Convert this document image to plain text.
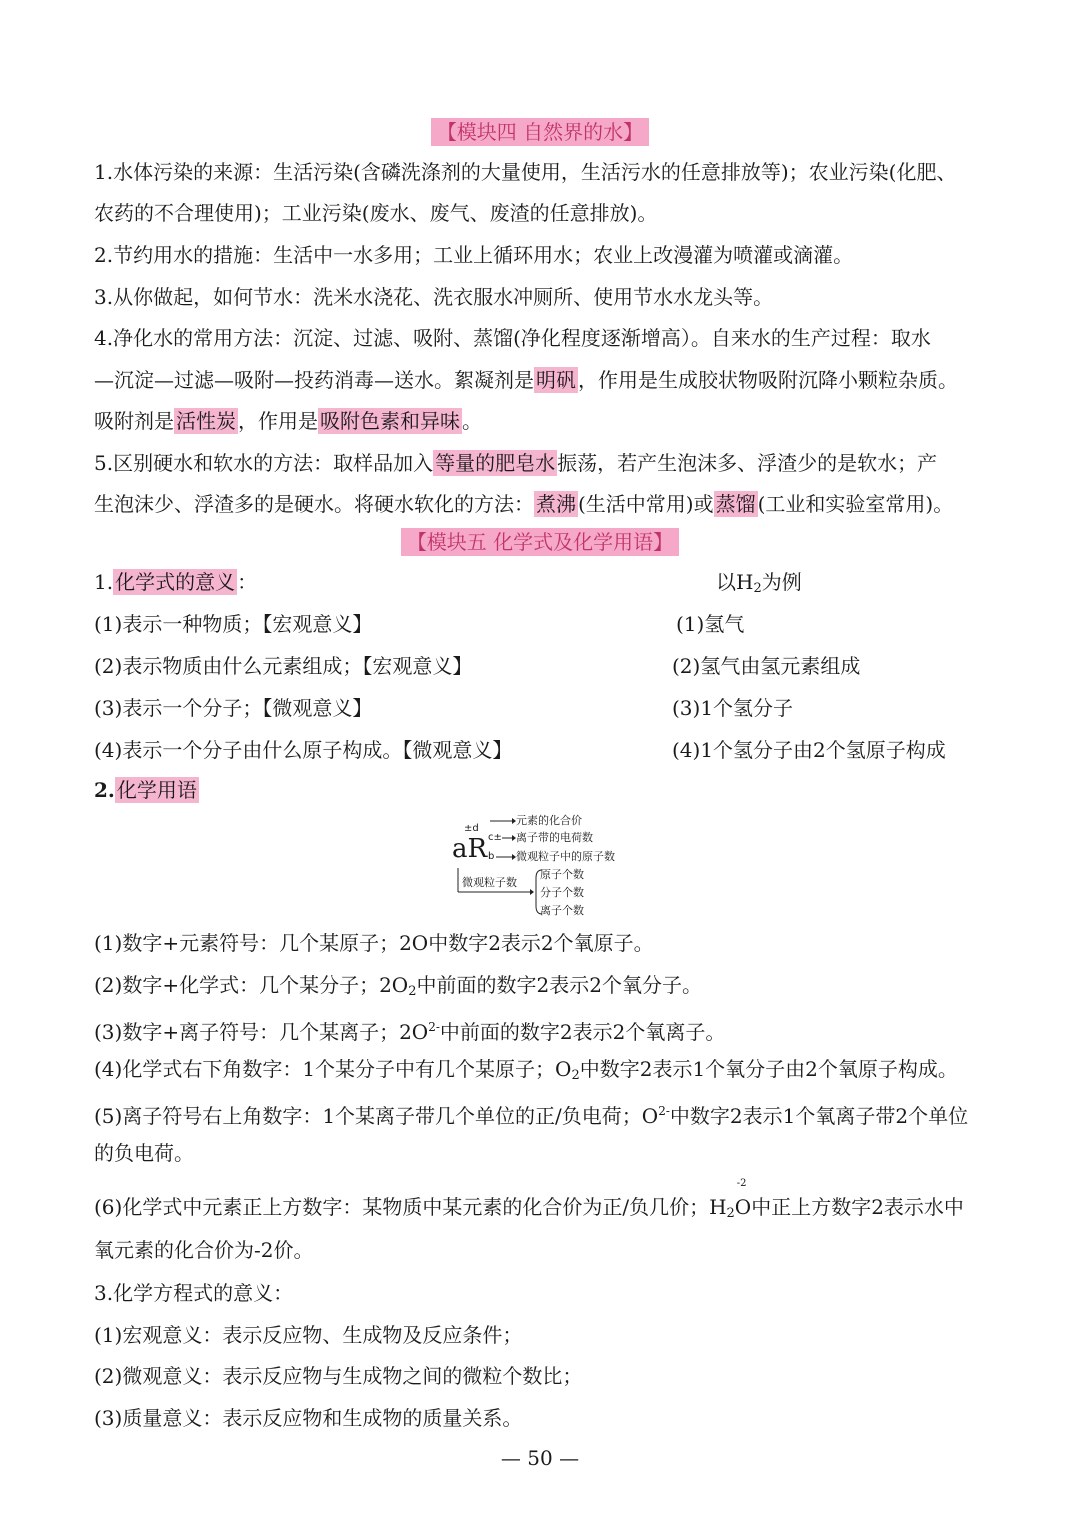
【模块四 自然界的水】
1.水体污染的来源：生活污染(含磷洗涤剂的大量使用，生活污水的任意排放等)；农业污染(化肥、
农药的不合理使用)；工业污染(废水、废气、废渣的任意排放)。
2.节约用水的措施：生活中一水多用；工业上循环用水；农业上改漫灌为喷灌或滴灌。
3.从你做起，如何节水：洗米水浇花、洗衣服水冲厕所、使用节水水龙头等。
4.净化水的常用方法：沉淀、过滤、吸附、蒸馏(净化程度逐渐增高）。自来水的生产过程：取水
—沉淀—过滤—吸附—投药消毒—送水。絮凝剂是 明矾 ，作用是生成胶状物吸附沉降小颗粒杂质。
吸附剂是 活性炭 ，作用是 吸附色素和异味 。
5.区别硬水和软水的方法：取样品加入 等量的肥皂水 振荡，若产生泡沫多、浮渣少的是软水；产
生泡沫少、浮渣多的是硬水。将硬水软化的方法： 煮沸 (生活中常用)或 蒸馏 (工业和实验室常用)。
【模块五 化学式及化学用语】
1. 化学式的意义 ：	以$H_2$为例
(1)表示一种物质；【宏观意义】	(1)氢气
(2)表示物质由什么元素组成；【宏观意义】	(2)氢气由氢元素组成
(3)表示一个分子；【微观意义】	(3)1个氢分子
(4)表示一个分子由什么原子构成。【微观意义】	(4)1个氢分子由2个氢原子构成
2. 化学用语
±d
aR c±
b
元素的化合价
离子带的电荷数
微观粒子中的原子数
微观粒子数
原子个数
分子个数
离子个数
(1)数字+元素符号：几个某原子；2O中数字2表示2个氧原子。
(2)数字+化学式：几个某分子；$2O_2$中前面的数字2表示2个氧分子。
(3)数字+离子符号：几个某离子；$2O^{2-}$中前面的数字2表示2个氧离子。
(4)化学式右下角数字：1个某分子中有几个某原子；$O_2$中数字2表示1个氧分子由2个氧原子构成。
(5)离子符号右上角数字：1个某离子带几个单位的正/负电荷；$O^{2-}$中数字2表示1个氧离子带2个单位
的负电荷。
(6)化学式中元素正上方数字：某物质中某元素的化合价为正/负几价；$H_2$
-2
O中正上方数字2表示水中
氧元素的化合价为-2价。
3.化学方程式的意义：
(1)宏观意义：表示反应物、生成物及反应条件；
(2)微观意义：表示反应物与生成物之间的微粒个数比；
(3)质量意义：表示反应物和生成物的质量关系。
— 50 —
